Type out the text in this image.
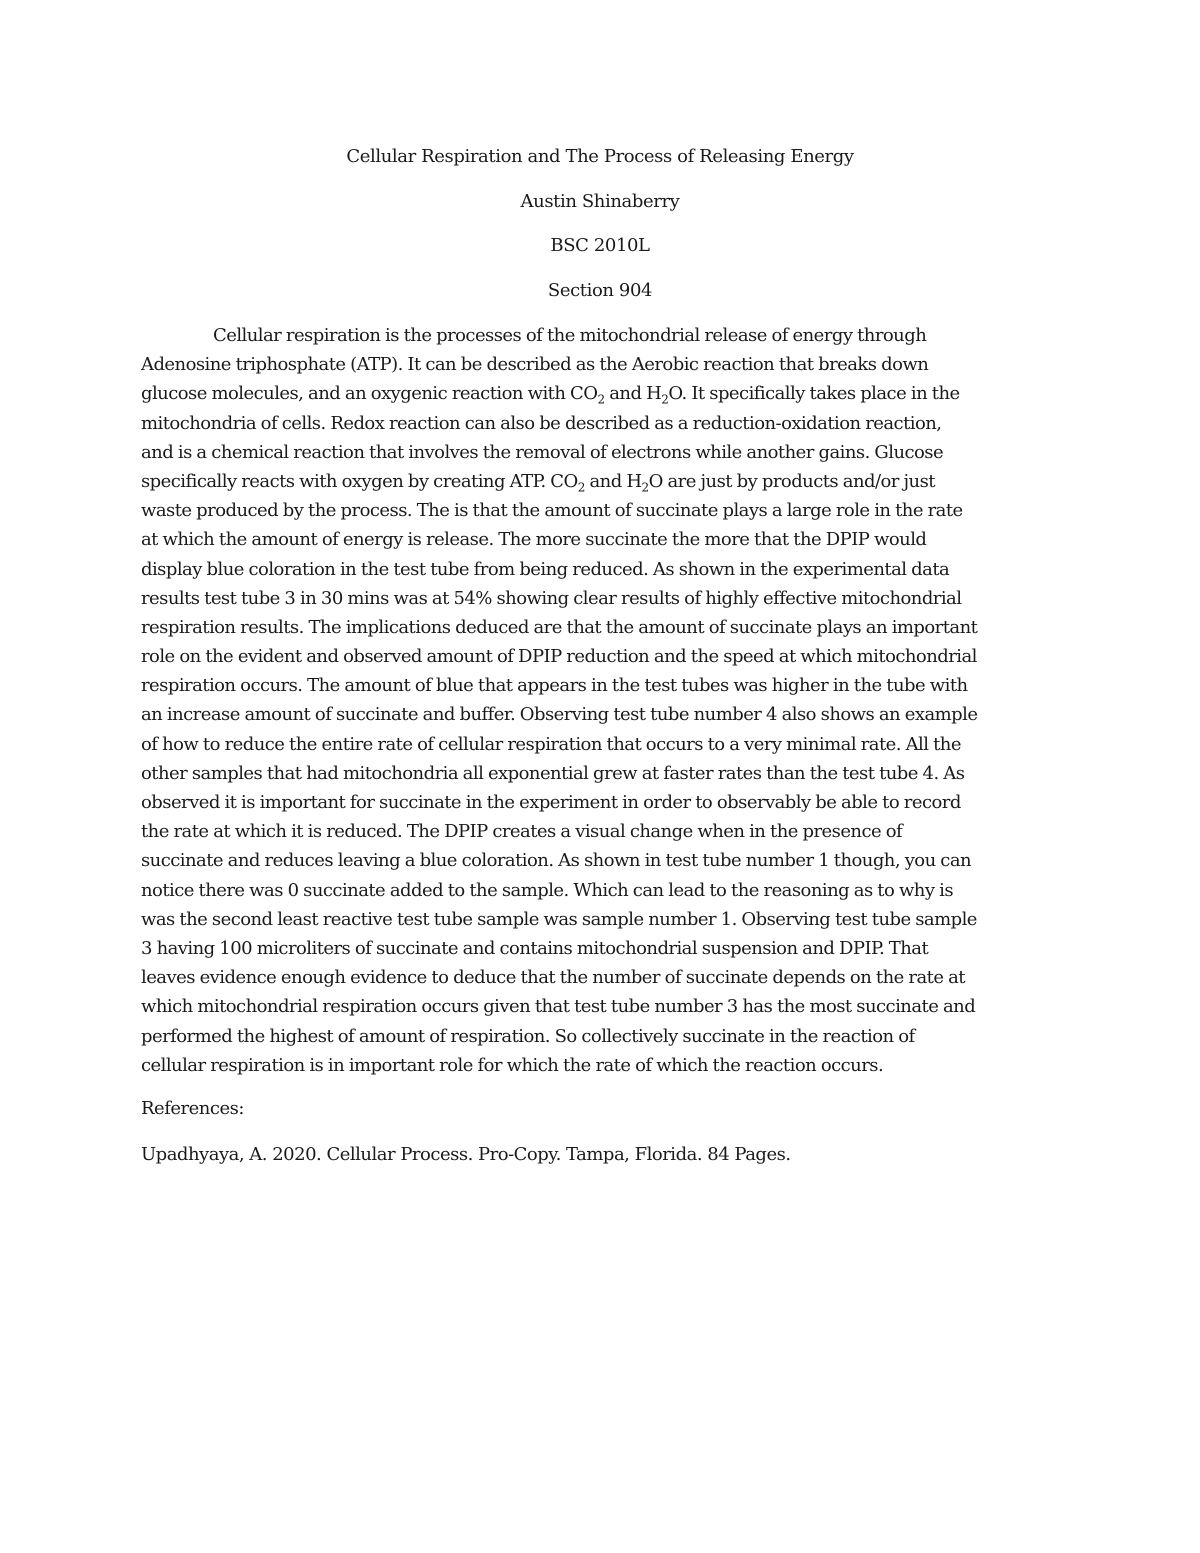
Cellular Respiration and The Process of Releasing Energy
Austin Shinaberry
BSC 2010L
Section 904
Cellular respiration is the processes of the mitochondrial release of energy through
Adenosine triphosphate (ATP). It can be described as the Aerobic reaction that breaks down
glucose molecules, and an oxygenic reaction with $CO_2$ and $H_2O$. It specifically takes place in the
mitochondria of cells. Redox reaction can also be described as a reduction-oxidation reaction,
and is a chemical reaction that involves the removal of electrons while another gains. Glucose
specifically reacts with oxygen by creating ATP. $CO_2$ and $H_2O$ are just by products and/or just
waste produced by the process. The is that the amount of succinate plays a large role in the rate
at which the amount of energy is release. The more succinate the more that the DPIP would
display blue coloration in the test tube from being reduced. As shown in the experimental data
results test tube 3 in 30 mins was at 54% showing clear results of highly effective mitochondrial
respiration results. The implications deduced are that the amount of succinate plays an important
role on the evident and observed amount of DPIP reduction and the speed at which mitochondrial
respiration occurs. The amount of blue that appears in the test tubes was higher in the tube with
an increase amount of succinate and buffer. Observing test tube number 4 also shows an example
of how to reduce the entire rate of cellular respiration that occurs to a very minimal rate. All the
other samples that had mitochondria all exponential grew at faster rates than the test tube 4. As
observed it is important for succinate in the experiment in order to observably be able to record
the rate at which it is reduced. The DPIP creates a visual change when in the presence of
succinate and reduces leaving a blue coloration. As shown in test tube number 1 though, you can
notice there was 0 succinate added to the sample. Which can lead to the reasoning as to why is
was the second least reactive test tube sample was sample number 1. Observing test tube sample
3 having 100 microliters of succinate and contains mitochondrial suspension and DPIP. That
leaves evidence enough evidence to deduce that the number of succinate depends on the rate at
which mitochondrial respiration occurs given that test tube number 3 has the most succinate and
performed the highest of amount of respiration. So collectively succinate in the reaction of
cellular respiration is in important role for which the rate of which the reaction occurs.
References:
Upadhyaya, A. 2020. Cellular Process. Pro-Copy. Tampa, Florida. 84 Pages.
